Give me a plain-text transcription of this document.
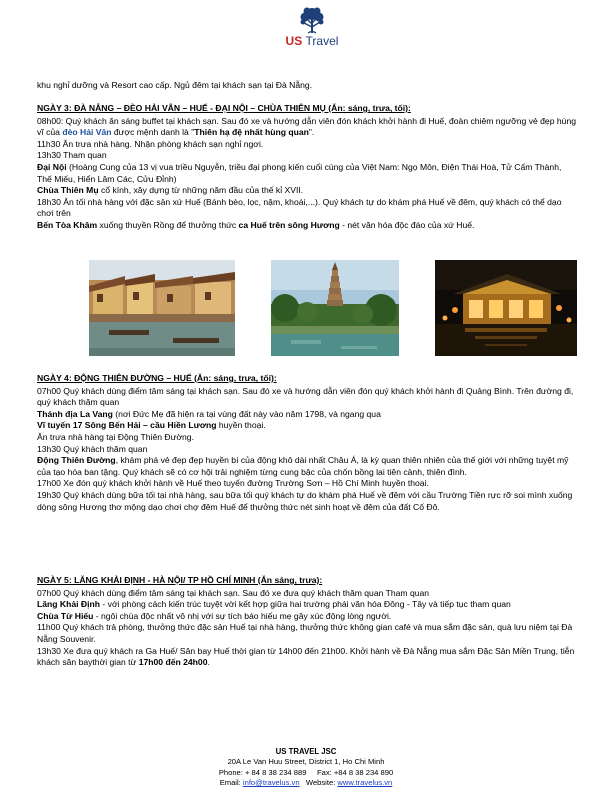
US Travel

khu nghỉ dưỡng và Resort cao cấp. Ngủ đêm tại khách sạn tại Đà Nẵng.

NGÀY 3: ĐÀ NẴNG – ĐÈO HẢI VÂN – HUẾ - ĐẠI NỘI – CHÙA THIÊN MỤ (Ăn: sáng, trưa, tối):

08h00: Quý khách ăn sáng buffet tại khách sạn. Sau đó xe và hướng dẫn viên đón khách khởi hành đi Huế, đoàn chiêm ngưỡng vẻ đẹp hùng vĩ của đèo Hải Vân được mệnh danh là "Thiên hạ đệ nhất hùng quan".

11h30 Ăn trưa nhà hàng. Nhận phòng khách sạn nghỉ ngơi.

13h30 Tham quan

Đại Nội (Hoàng Cung của 13 vị vua triều Nguyễn, triều đại phong kiến cuối cùng của Việt Nam: Ngọ Môn, Điện Thái Hoà, Tử Cấm Thành, Thế Miếu, Hiển Lâm Các, Cửu Đỉnh)

Chùa Thiên Mụ cổ kính, xây dựng từ những năm đầu của thế kỉ XVII.

18h30 Ăn tối nhà hàng với đặc sản xứ Huế (Bánh bèo, lọc, nậm, khoái,...). Quý khách tự do khám phá Huế về đêm, quý khách có thể dạo chơi trên

Bến Tòa Khâm xuống thuyền Rồng để thưởng thức ca Huế trên sông Hương - nét văn hóa độc đáo của xứ Huế.

NGÀY 4: ĐỘNG THIÊN ĐƯỜNG – HUẾ (Ăn: sáng, trưa, tối):

07h00 Quý khách dùng điểm tâm sáng tại khách sạn. Sau đó xe và hướng dẫn viên đón quý khách khởi hành đi Quảng Bình. Trên đường đi, quý khách thăm quan

Thánh địa La Vang (nơi Đức Mẹ đã hiện ra tại vùng đất này vào năm 1798, và ngang qua

Vĩ tuyến 17 Sông Bến Hải – cầu Hiền Lương huyền thoại.

Ăn trưa nhà hàng tại Động Thiên Đường.

13h30 Quý khách thăm quan

Động Thiên Đường, khám phá vẻ đẹp đẹp huyền bí của động khô dài nhất Châu Á, là kỳ quan thiên nhiên của thế giới với những tuyệt mỹ của tạo hóa ban tặng. Quý khách sẽ có cơ hội trải nghiệm từng cung bậc của chốn bồng lai tiên cảnh, thiên đình.

17h00 Xe đón quý khách khởi hành về Huế theo tuyến đường Trường Sơn – Hồ Chí Minh huyền thoại.

19h30 Quý khách dùng bữa tối tại nhà hàng, sau bữa tối quý khách tự do khám phá Huế về đêm với cầu Trường Tiền rực rỡ soi mình xuống dòng sông Hương thơ mộng dạo chơi chợ đêm Huế để thưởng thức nét sinh hoạt về đêm của đất Cố Đô.

NGÀY 5: LĂNG KHẢI ĐỊNH - HÀ NỘI/ TP HỒ CHÍ MINH (Ăn sáng, trưa):

07h00 Quý khách dùng điểm tâm sáng tại khách sạn. Sau đó xe đưa quý khách thăm quan Tham quan

Lăng Khải Định - với phòng cách kiến trúc tuyệt vời kết hợp giữa hai trường phái văn hóa Đông - Tây và tiếp tục tham quan

Chùa Từ Hiếu - ngôi chùa độc nhất vô nhị với sự tích báo hiếu mẹ gây xúc động lòng người.

11h00 Quý khách trả phòng, thưởng thức đặc sản Huế tại nhà hàng, thưởng thức không gian café và mua sắm đặc sản, quà lưu niệm tại Đà Nẵng Souvenir.

13h30 Xe đưa quý khách ra Ga Huế/ Sân bay Huế thời gian từ 14h00 đến 21h00. Khởi hành về Đà Nẵng mua sắm Đặc Sản Miền Trung, tiễn khách sân baythời gian từ 17h00 đến 24h00.

US TRAVEL JSC
20A Le Van Huu Street, District 1, Ho Chi Minh
Phone: + 84 8 38 234 889     Fax: +84 8 38 234 890
Email: info@travelus.vn   Website: www.travelus.vn
